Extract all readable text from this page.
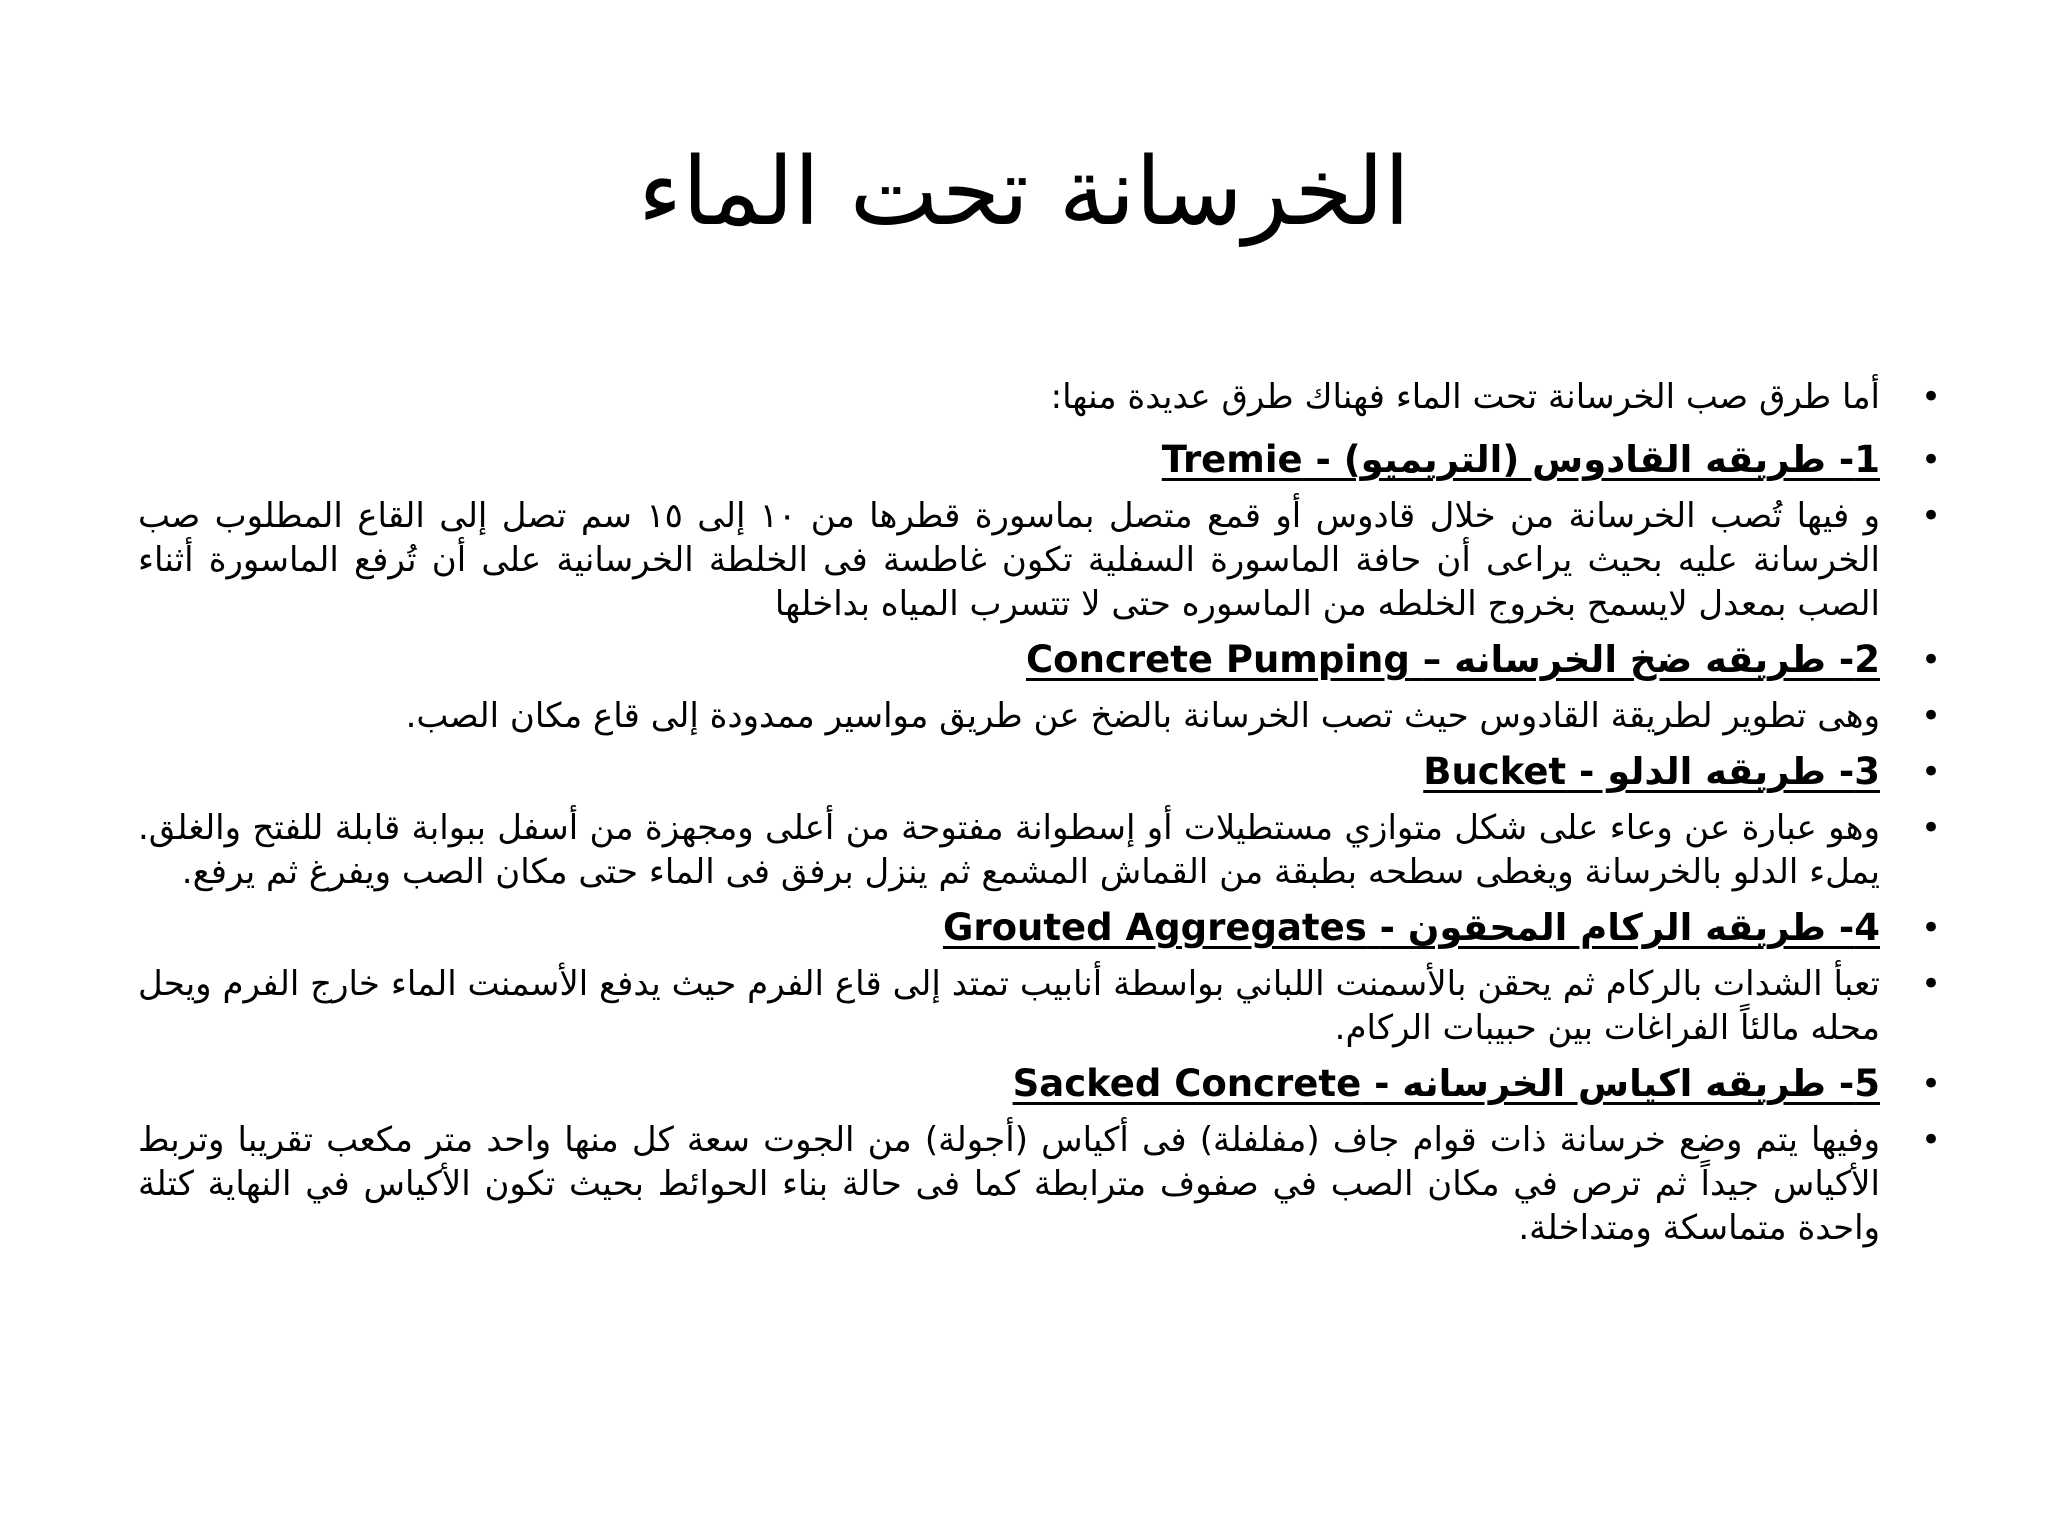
الخرسانة تحت الماء
•

أما طرق صب الخرسانة تحت الماء فهناك طرق عديدة منها:

•

1- طريقه القادوس (التريميو) - Tremie

•

و فيها تُصب الخرسانة من خلال قادوس أو قمع متصل بماسورة قطرها من ١٠ إلى ١٥ سم تصل إلى القاع المطلوب صب الخرسانة عليه بحيث يراعى أن حافة الماسورة السفلية تكون غاطسة فى الخلطة الخرسانية على أن تُرفع الماسورة أثناء الصب بمعدل لايسمح بخروج الخلطه من الماسوره حتى لا تتسرب المياه بداخلها

•

2- طريقه ضخ الخرسانه – Concrete Pumping

•

وهى تطوير لطريقة القادوس حيث تصب الخرسانة بالضخ عن طريق مواسير ممدودة إلى قاع مكان الصب.

•

3- طريقه الدلو - Bucket

•

وهو عبارة عن وعاء على شكل متوازي مستطيلات أو إسطوانة مفتوحة من أعلى ومجهزة من أسفل ببوابة قابلة للفتح والغلق. يملء الدلو بالخرسانة ويغطى سطحه بطبقة من القماش المشمع ثم ينزل برفق فى الماء حتى مكان الصب ويفرغ ثم يرفع.

•

4- طريقه الركام المحقون - Grouted Aggregates

•

تعبأ الشدات بالركام ثم يحقن بالأسمنت اللباني بواسطة أنابيب تمتد إلى قاع الفرم حيث يدفع الأسمنت الماء خارج الفرم ويحل محله مالئاً الفراغات بين حبيبات الركام.

•

5- طريقه اكياس الخرسانه - Sacked Concrete

•

وفيها يتم وضع خرسانة ذات قوام جاف (مفلفلة) فى أكياس (أجولة) من الجوت سعة كل منها واحد متر مكعب تقريبا وتربط الأكياس جيداً ثم ترص في مكان الصب في صفوف مترابطة كما فى حالة بناء الحوائط بحيث تكون الأكياس في النهاية كتلة واحدة متماسكة ومتداخلة.
